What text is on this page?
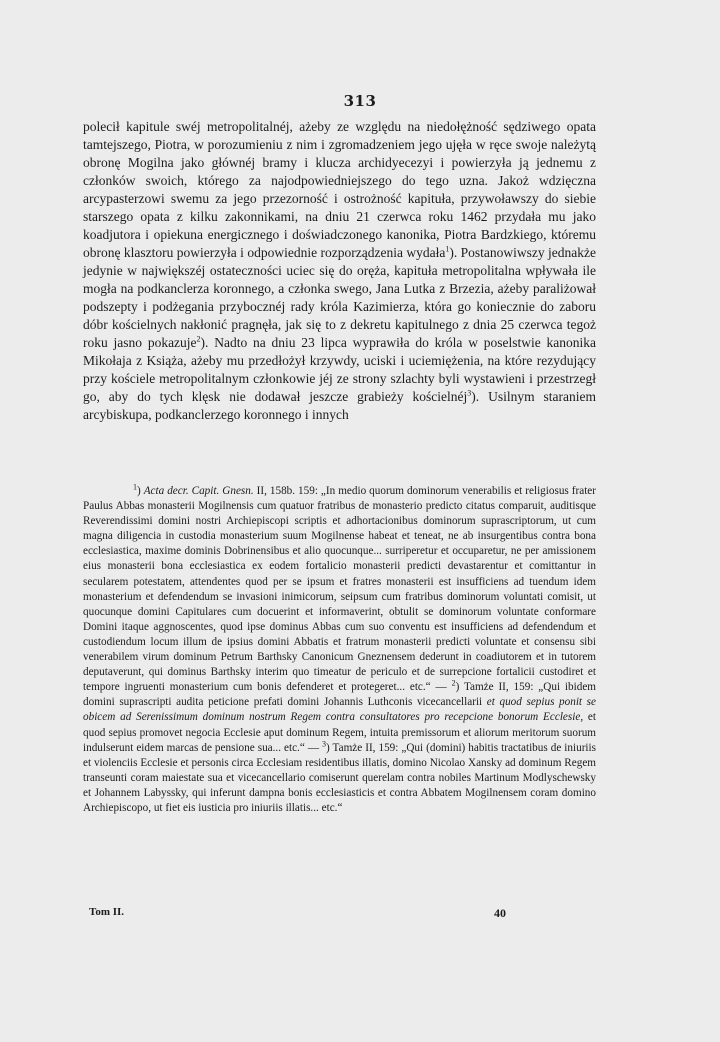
313

polecił kapitule swéj metropolitalnéj, ażeby ze względu na niedołężność sędziwego opata tamtejszego, Piotra, w porozumieniu z nim i zgromadzeniem jego ujęła w ręce swoje należytą obronę Mogilna jako głównéj bramy i klucza archidyecezyi i powierzyła ją jednemu z członków swoich, którego za najodpowiedniejszego do tego uzna. Jakoż wdzięczna arcypasterzowi swemu za jego przezorność i ostrożność kapituła, przywoławszy do siebie starszego opata z kilku zakonnikami, na dniu 21 czerwca roku 1462 przydała mu jako koadjutora i opiekuna energicznego i doświadczonego kanonika, Piotra Bardzkiego, któremu obronę klasztoru powierzyła i odpowiednie rozporządzenia wydała$^1$). Postanowiwszy jednakże jedynie w największéj ostateczności uciec się do oręża, kapituła metropolitalna wpływała ile mogła na podkanclerza koronnego, a członka swego, Jana Lutka z Brzezia, ażeby paraliżował podszepty i podżegania przybocznéj rady króla Kazimierza, która go koniecznie do zaboru dóbr kościelnych nakłonić pragnęła, jak się to z dekretu kapitulnego z dnia 25 czerwca tegoż roku jasno pokazuje$^2$). Nadto na dniu 23 lipca wyprawiła do króla w poselstwie kanonika Mikołaja z Książa, ażeby mu przedłożył krzywdy, uciski i uciemiężenia, na które rezydujący przy kościele metropolitalnym członkowie jéj ze strony szlachty byli wystawieni i przestrzegł go, aby do tych klęsk nie dodawał jeszcze grabieży kościelnéj$^3$). Usilnym staraniem arcybiskupa, podkanclerzego koronnego i innych

$^1$) Acta decr. Capit. Gnesn. II, 158b. 159: „In medio quorum dominorum venerabilis et religiosus frater Paulus Abbas monasterii Mogilnensis cum quatuor fratribus de monasterio predicto citatus comparuit, auditisque Reverendissimi domini nostri Archiepiscopi scriptis et adhortacionibus dominorum suprascriptorum, ut cum magna diligencia in custodia monasterium suum Mogilnense habeat et teneat, ne ab insurgentibus contra bona ecclesiastica, maxime dominis Dobrinensibus et alio quocunque... surriperetur et occuparetur, ne per amissionem eius monasterii bona ecclesiastica ex eodem fortalicio monasterii predicti devastarentur et comittantur in secularem potestatem, attendentes quod per se ipsum et fratres monasterii est insufficiens ad tuendum idem monasterium et defendendum se invasioni inimicorum, seipsum cum fratribus dominorum voluntati comisit, ut quocunque domini Capitulares cum docuerint et informaverint, obtulit se dominorum voluntate conformare Domini itaque aggnoscentes, quod ipse dominus Abbas cum suo conventu est insufficiens ad defendendum et custodiendum locum illum de ipsius domini Abbatis et fratrum monasterii predicti voluntate et consensu sibi venerabilem virum dominum Petrum Barthsky Canonicum Gneznensem dederunt in coadiutorem et in tutorem deputaverunt, qui dominus Barthsky interim quo timeatur de periculo et de surrepcione fortalicii custodiret et tempore ingruenti monasterium cum bonis defenderet et protegeret... etc.“ — $^2$) Tamże II, 159: „Qui ibidem domini suprascripti audita peticione prefati domini Johannis Luthconis vicecancellarii et quod sepius ponit se obicem ad Serenissimum dominum nostrum Regem contra consultatores pro recepcione bonorum Ecclesie, et quod sepius promovet negocia Ecclesie aput dominum Regem, intuita premissorum et aliorum meritorum suorum indulserunt eidem marcas de pensione sua... etc.“ — $^3$) Tamże II, 159: „Qui (domini) habitis tractatibus de iniuriis et violenciis Ecclesie et personis circa Ecclesiam residentibus illatis, domino Nicolao Xansky ad dominum Regem transeunti coram maiestate sua et vicecancellario comiserunt querelam contra nobiles Martinum Modlyschewsky et Johannem Labyssky, qui inferunt dampna bonis ecclesiasticis et contra Abbatem Mogilnensem coram domino Archiepiscopo, ut fiet eis iusticia pro iniuriis illatis... etc.“

Tom II.	40
